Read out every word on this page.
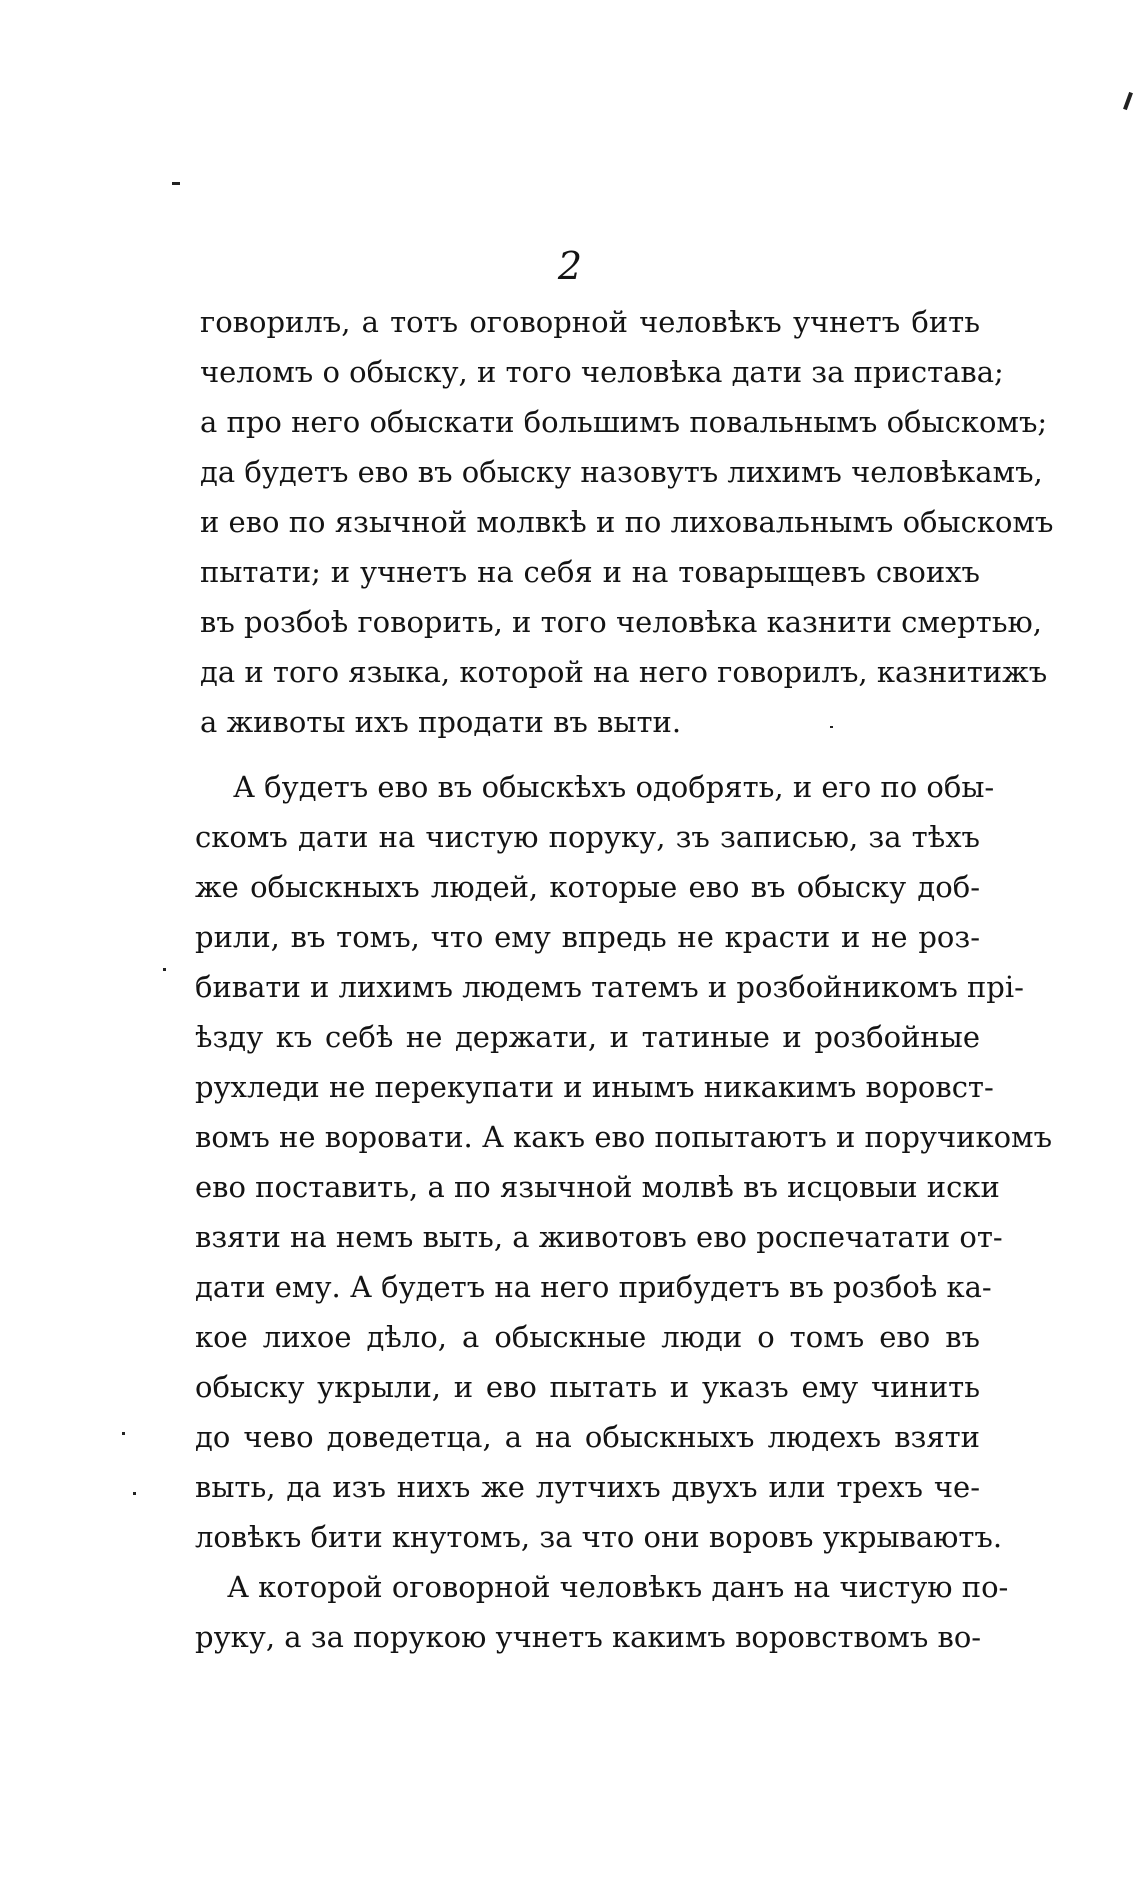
2
говорилъ, а тотъ оговорной человѣкъ учнетъ бить
челомъ о обыску, и того человѣка дати за пристава;
а про него обыскати большимъ повальнымъ обыскомъ;
да будетъ ево въ обыску назовутъ лихимъ человѣкамъ,
и ево по язычной молвкѣ и по лиховальнымъ обыскомъ
пытати; и учнетъ на себя и на товарыщевъ своихъ
въ розбоѣ говорить, и того человѣка казнити смертью,
да и того языка, которой на него говорилъ, казнитижъ
а животы ихъ продати въ выти.
А будетъ ево въ обыскѣхъ одобрять, и его по обы-
скомъ дати на чистую поруку, зъ записью, за тѣхъ
же обыскныхъ людей, которые ево въ обыску доб-
рили, въ томъ, что ему впредь не красти и не роз-
бивати и лихимъ людемъ татемъ и розбойникомъ прі-
ѣзду къ себѣ не держати, и татиные и розбойные
рухледи не перекупати и инымъ никакимъ воровст-
вомъ не воровати. А какъ ево попытаютъ и поручикомъ
ево поставить, а по язычной молвѣ въ исцовыи иски
взяти на немъ выть, а животовъ ево роспечатати от-
дати ему. А будетъ на него прибудетъ въ розбоѣ ка-
кое лихое дѣло, а обыскные люди о томъ ево въ
обыску укрыли, и ево пытать и указъ ему чинить
до чево доведетца, а на обыскныхъ людехъ взяти
выть, да изъ нихъ же лутчихъ двухъ или трехъ че-
ловѣкъ бити кнутомъ, за что они воровъ укрываютъ.
А которой оговорной человѣкъ данъ на чистую по-
руку, а за порукою учнетъ какимъ воровствомъ во-
